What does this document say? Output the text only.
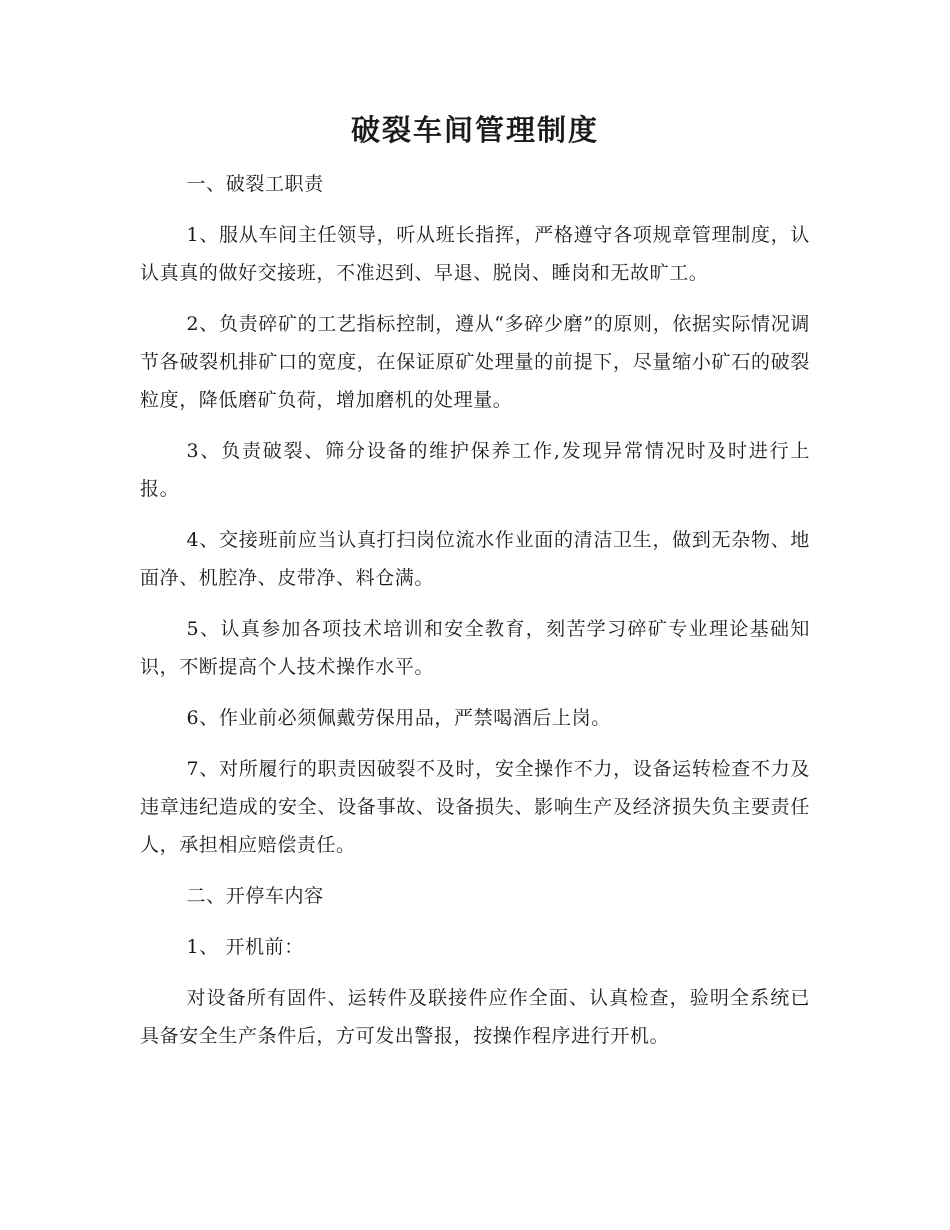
破裂车间管理制度

一、破裂工职责

1、服从车间主任领导，听从班长指挥，严格遵守各项规章管理制度，认认真真的做好交接班，不准迟到、早退、脱岗、睡岗和无故旷工。

2、负责碎矿的工艺指标控制，遵从“多碎少磨”的原则，依据实际情况调节各破裂机排矿口的宽度，在保证原矿处理量的前提下，尽量缩小矿石的破裂粒度，降低磨矿负荷，增加磨机的处理量。

3、负责破裂、筛分设备的维护保养工作,发现异常情况时及时进行上报。

4、交接班前应当认真打扫岗位流水作业面的清洁卫生，做到无杂物、地面净、机腔净、皮带净、料仓满。

5、认真参加各项技术培训和安全教育，刻苦学习碎矿专业理论基础知识，不断提高个人技术操作水平。

6、作业前必须佩戴劳保用品，严禁喝酒后上岗。

7、对所履行的职责因破裂不及时，安全操作不力，设备运转检查不力及违章违纪造成的安全、设备事故、设备损失、影响生产及经济损失负主要责任人，承担相应赔偿责任。

二、开停车内容

1、 开机前：

对设备所有固件、运转件及联接件应作全面、认真检查，验明全系统已具备安全生产条件后，方可发出警报，按操作程序进行开机。
